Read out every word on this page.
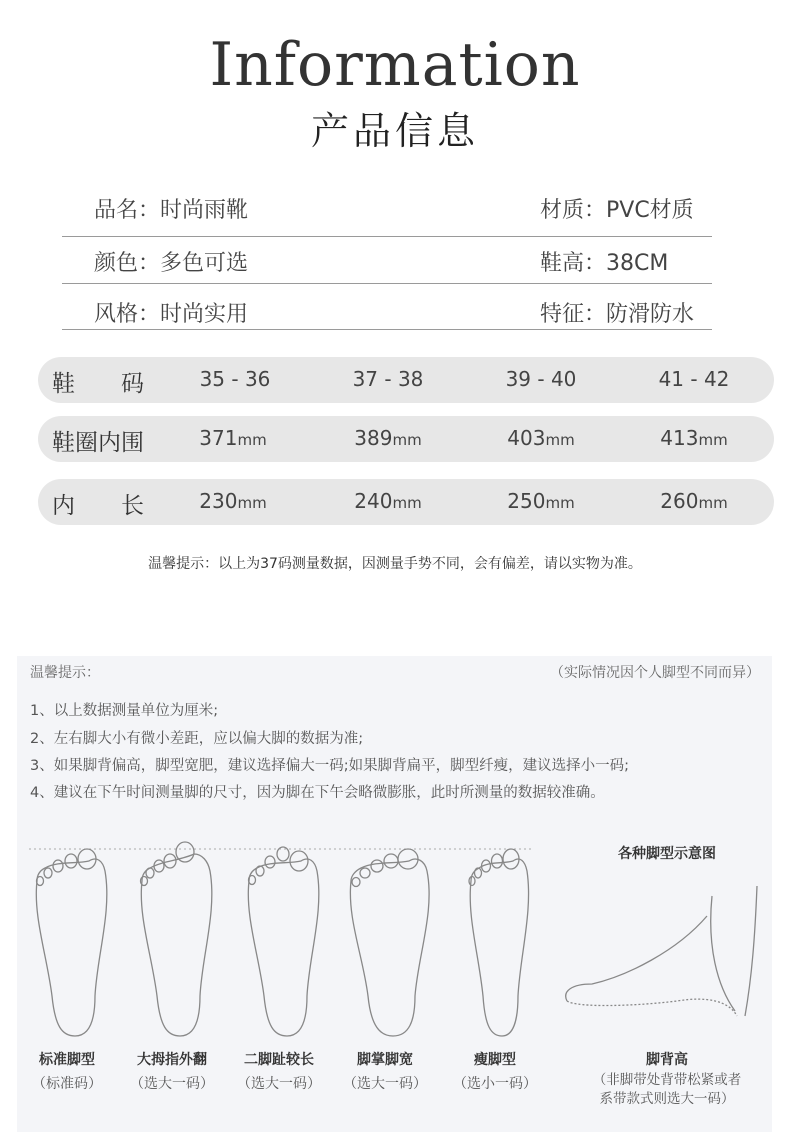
Information
产品信息
品名：时尚雨靴	材质：PVC材质
颜色：多色可选	鞋高：38CM
风格：时尚实用	特征：防滑防水
鞋　　码	35 - 36	37 - 38	39 - 40	41 - 42
鞋圈内围	371mm	389mm	403mm	413mm
内　　长	230mm	240mm	250mm	260mm
温馨提示：以上为37码测量数据，因测量手势不同，会有偏差，请以实物为准。
温馨提示：	（实际情况因个人脚型不同而异）
1、以上数据测量单位为厘米;
2、左右脚大小有微小差距，应以偏大脚的数据为准;
3、如果脚背偏高，脚型宽肥，建议选择偏大一码;如果脚背扁平，脚型纤瘦，建议选择小一码;
4、建议在下午时间测量脚的尺寸，因为脚在下午会略微膨胀，此时所测量的数据较准确。
各种脚型示意图
标准脚型
（标准码）
大拇指外翻
（选大一码）
二脚趾较长
（选大一码）
脚掌脚宽
（选大一码）
瘦脚型
（选小一码）
脚背高
（非脚带处背带松紧或者
系带款式则选大一码）
